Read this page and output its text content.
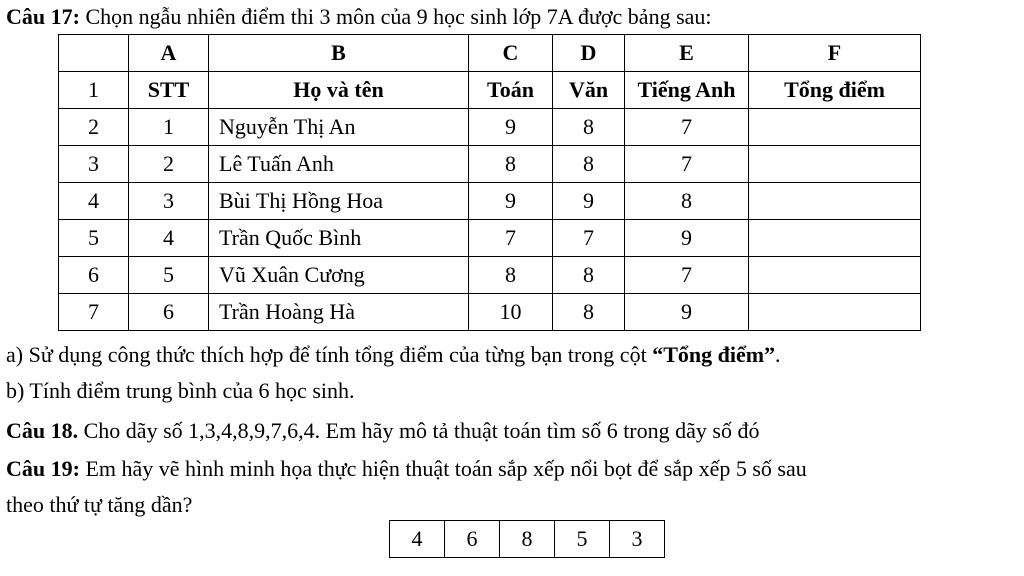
Câu 17: Chọn ngẫu nhiên điểm thi 3 môn của 9 học sinh lớp 7A được bảng sau:
	A	B	C	D	E	F
1	STT	Họ và tên	Toán	Văn	Tiếng Anh	Tổng điểm
2	1	Nguyễn Thị An	9	8	7	
3	2	Lê Tuấn Anh	8	8	7	
4	3	Bùi Thị Hồng Hoa	9	9	8	
5	4	Trần Quốc Bình	7	7	9	
6	5	Vũ Xuân Cương	8	8	7	
7	6	Trần Hoàng Hà	10	8	9	
a) Sử dụng công thức thích hợp để tính tổng điểm của từng bạn trong cột “Tổng điểm”.
b) Tính điểm trung bình của 6 học sinh.
Câu 18. Cho dãy số 1,3,4,8,9,7,6,4. Em hãy mô tả thuật toán tìm số 6 trong dãy số đó
Câu 19: Em hãy vẽ hình minh họa thực hiện thuật toán sắp xếp nổi bọt để sắp xếp 5 số sau
theo thứ tự tăng dần?
4	6	8	5	3
